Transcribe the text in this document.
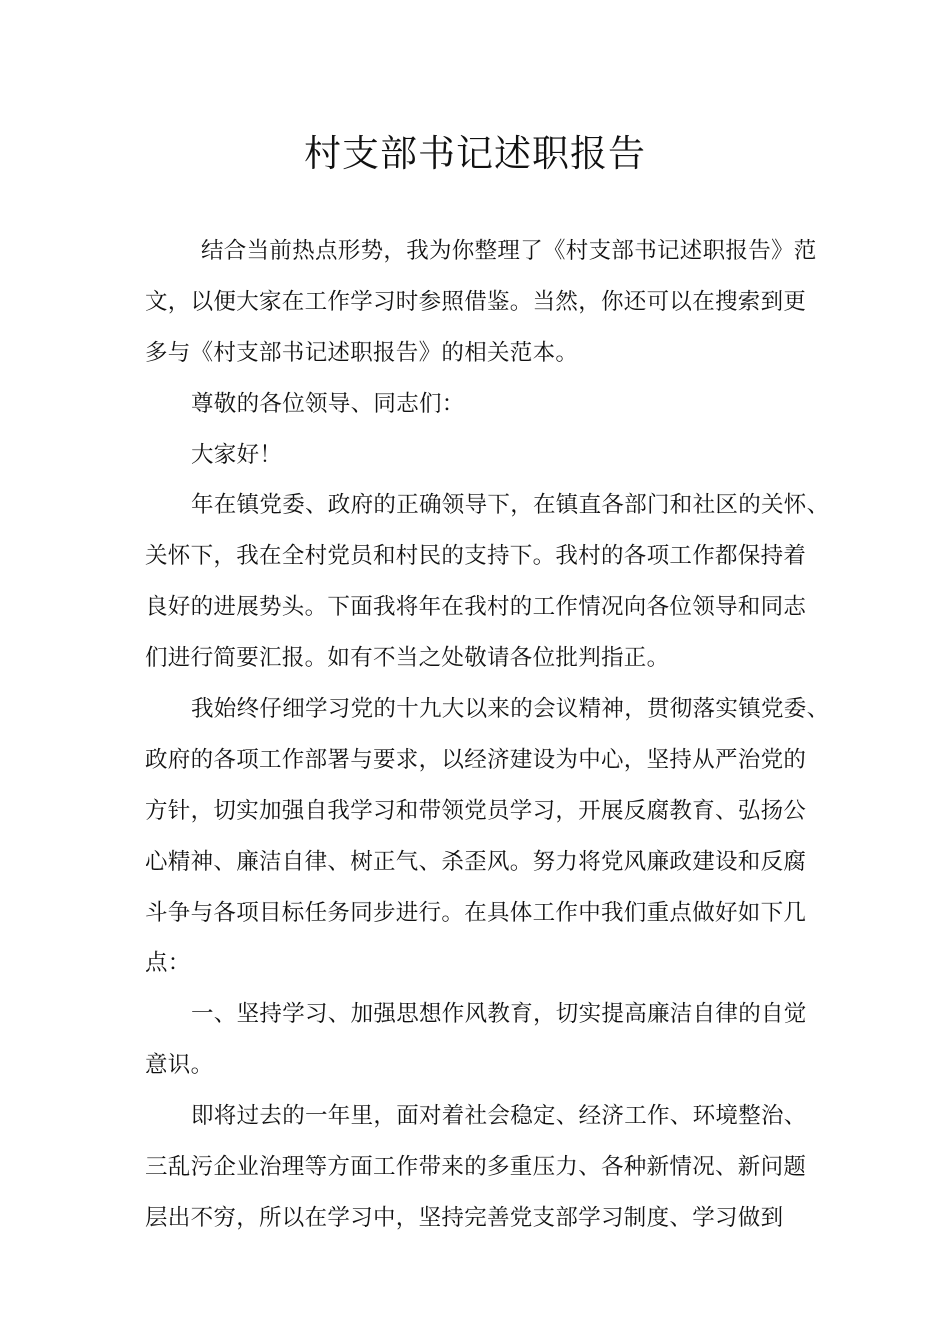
村支部书记述职报告
结合当前热点形势，我为你整理了《村支部书记述职报告》范
文，以便大家在工作学习时参照借鉴。当然，你还可以在搜索到更
多与《村支部书记述职报告》的相关范本。
尊敬的各位领导、同志们：
大家好！
年在镇党委、政府的正确领导下，在镇直各部门和社区的关怀、
关怀下，我在全村党员和村民的支持下。我村的各项工作都保持着
良好的进展势头。下面我将年在我村的工作情况向各位领导和同志
们进行简要汇报。如有不当之处敬请各位批判指正。
我始终仔细学习党的十九大以来的会议精神，贯彻落实镇党委、
政府的各项工作部署与要求，以经济建设为中心，坚持从严治党的
方针，切实加强自我学习和带领党员学习，开展反腐教育、弘扬公
心精神、廉洁自律、树正气、杀歪风。努力将党风廉政建设和反腐
斗争与各项目标任务同步进行。在具体工作中我们重点做好如下几
点：
一、坚持学习、加强思想作风教育，切实提高廉洁自律的自觉
意识。
即将过去的一年里，面对着社会稳定、经济工作、环境整治、
三乱污企业治理等方面工作带来的多重压力、各种新情况、新问题
层出不穷，所以在学习中，坚持完善党支部学习制度、学习做到
